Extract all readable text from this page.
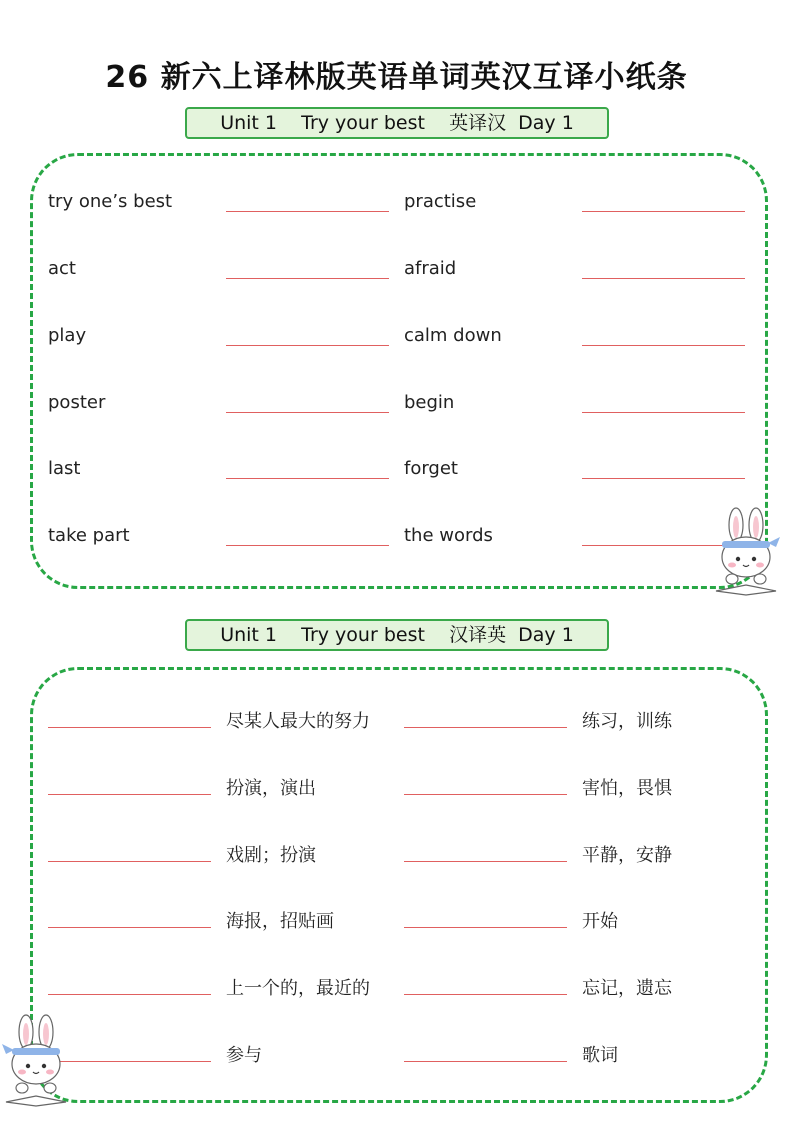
26 新六上译林版英语单词英汉互译小纸条
Unit 1    Try your best    英译汉  Day 1
try one’s best	practise
act	afraid
play	calm down
poster	begin
last	forget
take part	the words
Unit 1    Try your best    汉译英  Day 1
尽某人最大的努力	练习，训练
扮演，演出	害怕，畏惧
戏剧；扮演	平静，安静
海报，招贴画	开始
上一个的，最近的	忘记，遗忘
参与	歌词
